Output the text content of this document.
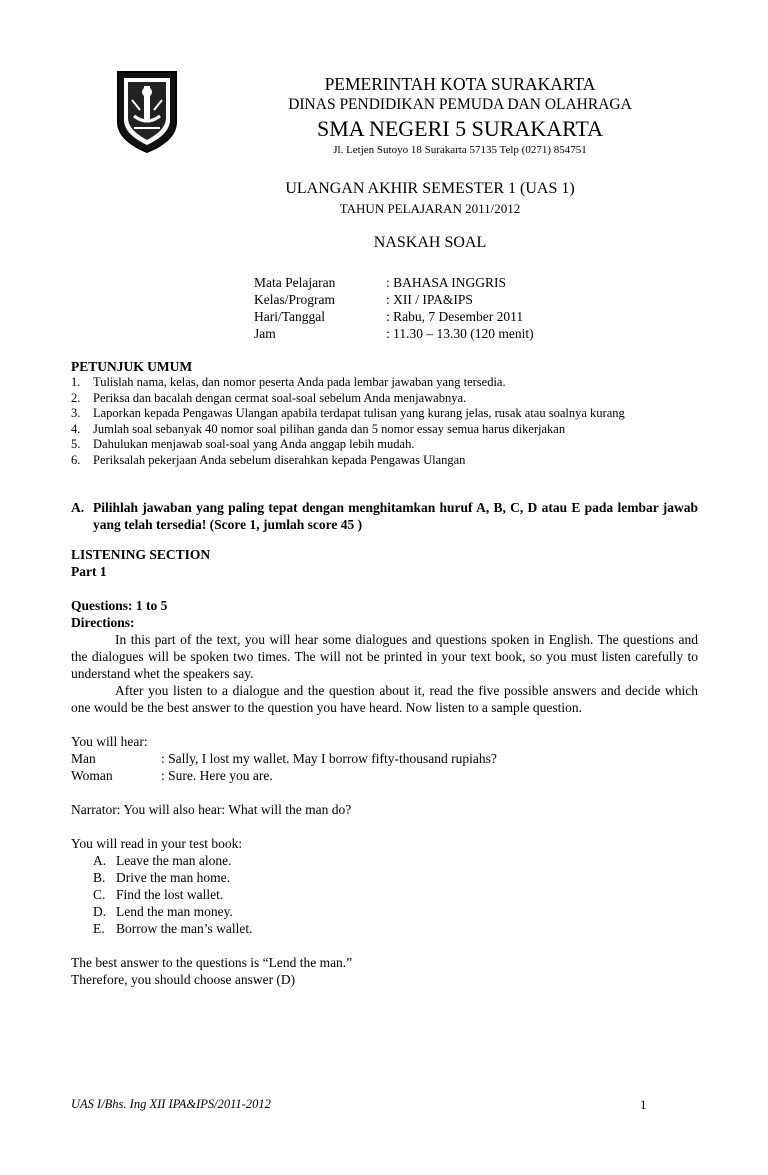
PEMERINTAH KOTA SURAKARTA

DINAS PENDIDIKAN PEMUDA DAN OLAHRAGA

SMA NEGERI 5 SURAKARTA

Jl. Letjen Sutoyo 18 Surakarta 57135 Telp (0271) 854751

ULANGAN AKHIR SEMESTER 1 (UAS 1)

TAHUN PELAJARAN 2011/2012

NASKAH SOAL

Mata Pelajaran	: BAHASA INGGRIS
Kelas/Program	: XII / IPA&IPS
Hari/Tanggal	: Rabu, 7 Desember 2011
Jam	: 11.30 – 13.30 (120 menit)
PETUNJUK UMUM
1. Tulislah nama, kelas, dan nomor peserta Anda pada lembar jawaban yang tersedia.
2. Periksa dan bacalah dengan cermat soal-soal sebelum Anda menjawabnya.
3. Laporkan kepada Pengawas Ulangan apabila terdapat tulisan yang kurang jelas, rusak atau soalnya kurang
4. Jumlah soal sebanyak 40 nomor soal pilihan ganda dan 5 nomor essay semua harus dikerjakan
5. Dahulukan menjawab soal-soal yang Anda anggap lebih mudah.
6. Periksalah pekerjaan Anda sebelum diserahkan kepada Pengawas Ulangan
A. Pilihlah jawaban yang paling tepat dengan menghitamkan huruf A, B, C, D atau E pada lembar jawab yang telah tersedia! (Score 1, jumlah score 45 )
LISTENING SECTION
Part 1
Questions: 1 to 5
Directions:
In this part of the text, you will hear some dialogues and questions spoken in English. The questions and the dialogues will be spoken two times. The will not be printed in your text book, so you must listen carefully to understand whet the speakers say.
After you listen to a dialogue and the question about it, read the five possible answers and decide which one would be the best answer to the question you have heard. Now listen to a sample question.
You will hear:
Man	: Sally, I lost my wallet. May I borrow fifty-thousand rupiahs?
Woman	: Sure. Here you are.
Narrator: You will also hear: What will the man do?
You will read in your test book:
A. Leave the man alone.
B. Drive the man home.
C. Find the lost wallet.
D. Lend the man money.
E. Borrow the man’s wallet.
The best answer to the questions is “Lend the man.”
Therefore, you should choose answer (D)

UAS I/Bhs. Ing XII IPA&IPS/2011-2012	1
